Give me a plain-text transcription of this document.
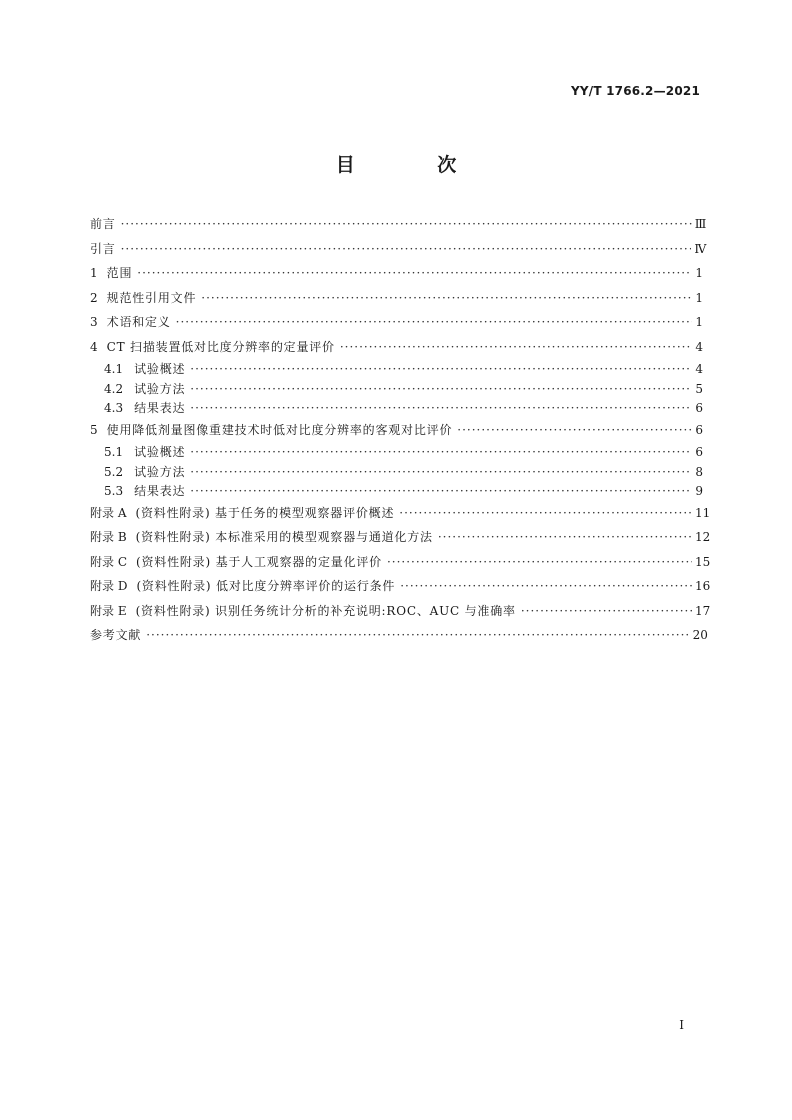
YY/T 1766.2—2021
目 次
前言 ·····	Ⅲ
引言 ·····	Ⅳ
1 范围 ·····	1
2 规范性引用文件 ·····	1
3 术语和定义 ·····	1
4 CT 扫描装置低对比度分辨率的定量评价 ·····	4
4.1 试验概述 ·····	4
4.2 试验方法 ·····	5
4.3 结果表达 ·····	6
5 使用降低剂量图像重建技术时低对比度分辨率的客观对比评价 ·····	6
5.1 试验概述 ·····	6
5.2 试验方法 ·····	8
5.3 结果表达 ·····	9
附录 A (资料性附录) 基于任务的模型观察器评价概述 ·····	11
附录 B (资料性附录) 本标准采用的模型观察器与通道化方法 ·····	12
附录 C (资料性附录) 基于人工观察器的定量化评价 ·····	15
附录 D (资料性附录) 低对比度分辨率评价的运行条件 ·····	16
附录 E (资料性附录) 识别任务统计分析的补充说明:ROC、AUC 与准确率 ·····	17
参考文献 ·····	20
I
